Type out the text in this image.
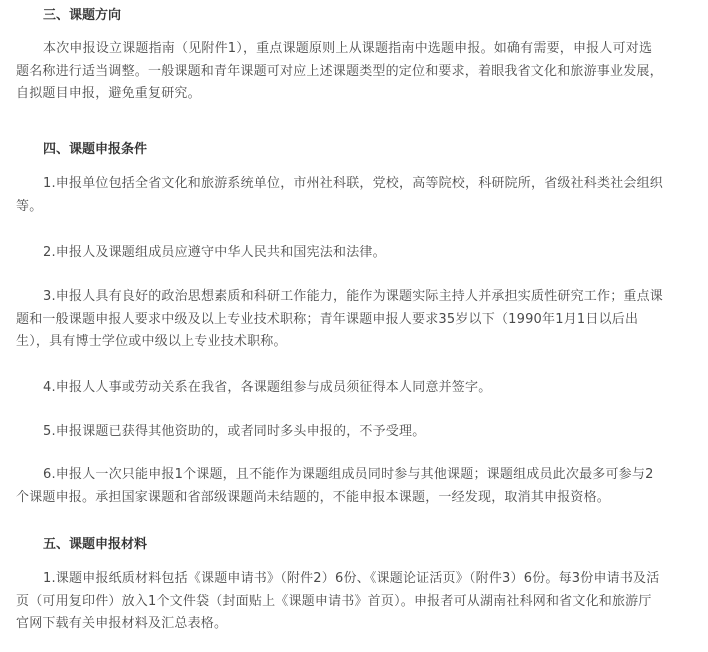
三、课题方向
本次申报设立课题指南（见附件1），重点课题原则上从课题指南中选题申报。如确有需要，申报人可对选题名称进行适当调整。一般课题和青年课题可对应上述课题类型的定位和要求，着眼我省文化和旅游事业发展，自拟题目申报，避免重复研究。
四、课题申报条件
1.申报单位包括全省文化和旅游系统单位，市州社科联，党校，高等院校，科研院所，省级社科类社会组织等。
2.申报人及课题组成员应遵守中华人民共和国宪法和法律。
3.申报人具有良好的政治思想素质和科研工作能力，能作为课题实际主持人并承担实质性研究工作；重点课题和一般课题申报人要求中级及以上专业技术职称；青年课题申报人要求35岁以下（1990年1月1日以后出生），具有博士学位或中级以上专业技术职称。
4.申报人人事或劳动关系在我省，各课题组参与成员须征得本人同意并签字。
5.申报课题已获得其他资助的，或者同时多头申报的，不予受理。
6.申报人一次只能申报1个课题，且不能作为课题组成员同时参与其他课题；课题组成员此次最多可参与2个课题申报。承担国家课题和省部级课题尚未结题的，不能申报本课题，一经发现，取消其申报资格。
五、课题申报材料
1.课题申报纸质材料包括《课题申请书》（附件2）6份、《课题论证活页》（附件3）6份。每3份申请书及活页（可用复印件）放入1个文件袋（封面贴上《课题申请书》首页）。申报者可从湖南社科网和省文化和旅游厅官网下载有关申报材料及汇总表格。
